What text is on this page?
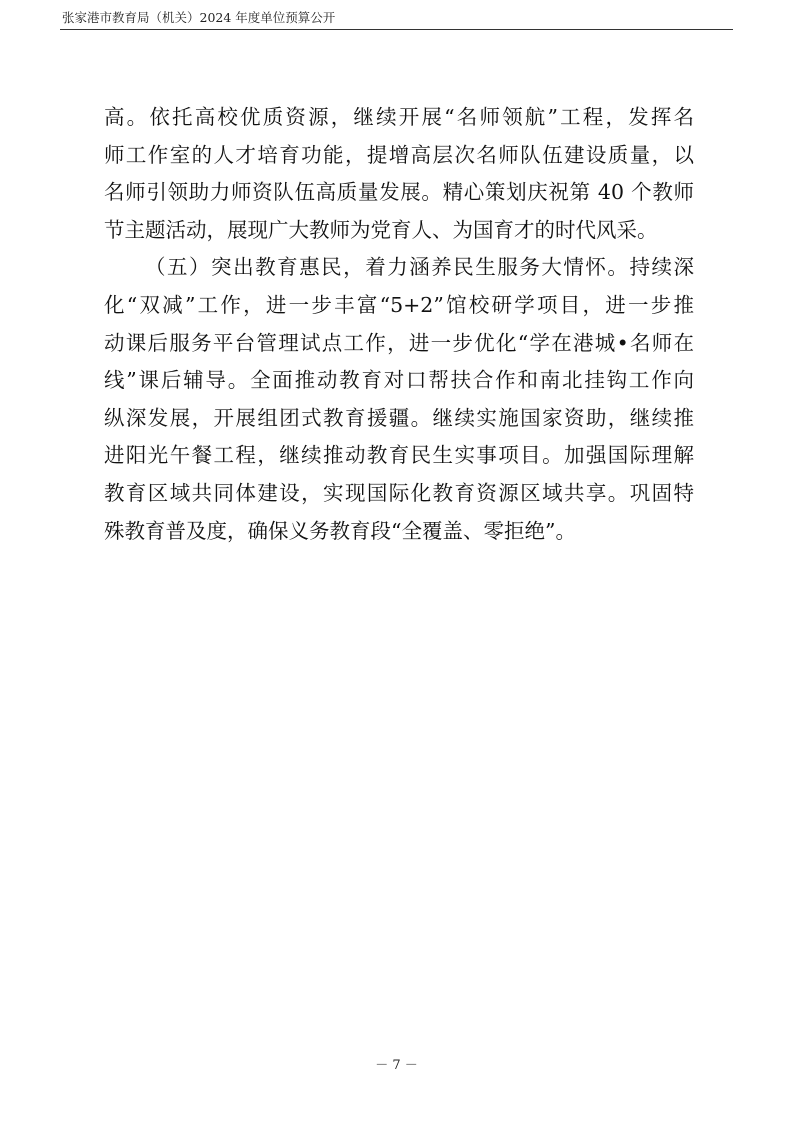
张家港市教育局（机关）2024 年度单位预算公开
高。依托高校优质资源，继续开展“名师领航”工程，发挥名
师工作室的人才培育功能，提增高层次名师队伍建设质量，以
名师引领助力师资队伍高质量发展。精心策划庆祝第 40 个教师
节主题活动，展现广大教师为党育人、为国育才的时代风采。
（五）突出教育惠民，着力涵养民生服务大情怀。持续深
化“双减”工作，进一步丰富“5+2”馆校研学项目，进一步推
动课后服务平台管理试点工作，进一步优化“学在港城•名师在
线”课后辅导。全面推动教育对口帮扶合作和南北挂钩工作向
纵深发展，开展组团式教育援疆。继续实施国家资助，继续推
进阳光午餐工程，继续推动教育民生实事项目。加强国际理解
教育区域共同体建设，实现国际化教育资源区域共享。巩固特
殊教育普及度，确保义务教育段“全覆盖、零拒绝”。
－ 7 －
